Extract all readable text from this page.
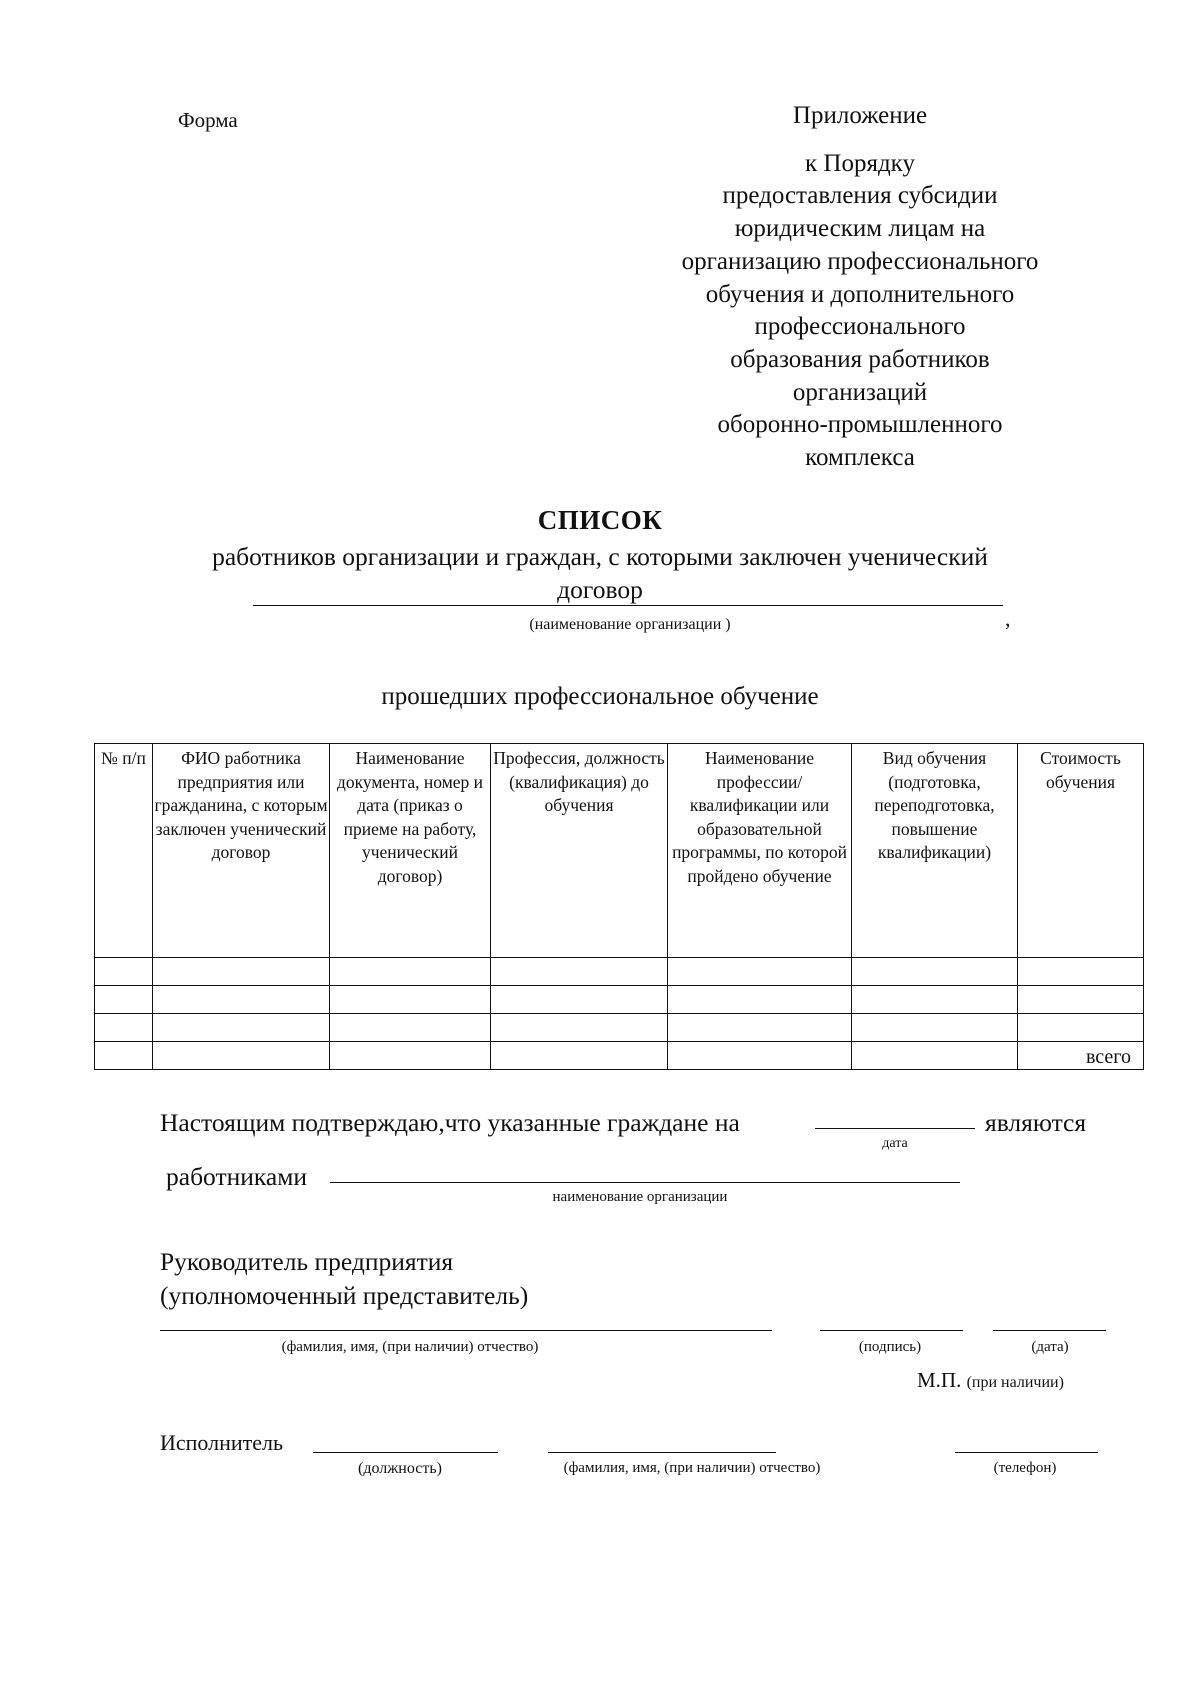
Форма	Приложение
к Порядку
предоставления субсидии
юридическим лицам на
организацию профессионального
обучения и дополнительного
профессионального
образования работников
организаций
оборонно-промышленного
комплекса
СПИСОК
работников организации и граждан, с которыми заключен ученический
договор
,
(наименование организации )
прошедших профессиональное обучение
№ п/п	ФИО работника предприятия или гражданина, с которым заключен ученический договор	Наименование документа, номер и дата (приказ о приеме на работу, ученический договор)	Профессия, должность (квалификация) до обучения	Наименование профессии/ квалификации или образовательной программы, по которой пройдено обучение	Вид обучения (подготовка, переподготовка, повышение квалификации)	Стоимость обучения

						всего
Настоящим подтверждаю,что указанные граждане на
дата
являются
работниками
наименование организации
Руководитель предприятия
(уполномоченный представитель)
(фамилия, имя, (при наличии) отчество)	(подпись)	(дата)
М.П. (при наличии)
Исполнитель
(должность)	(фамилия, имя, (при наличии) отчество)	(телефон)
